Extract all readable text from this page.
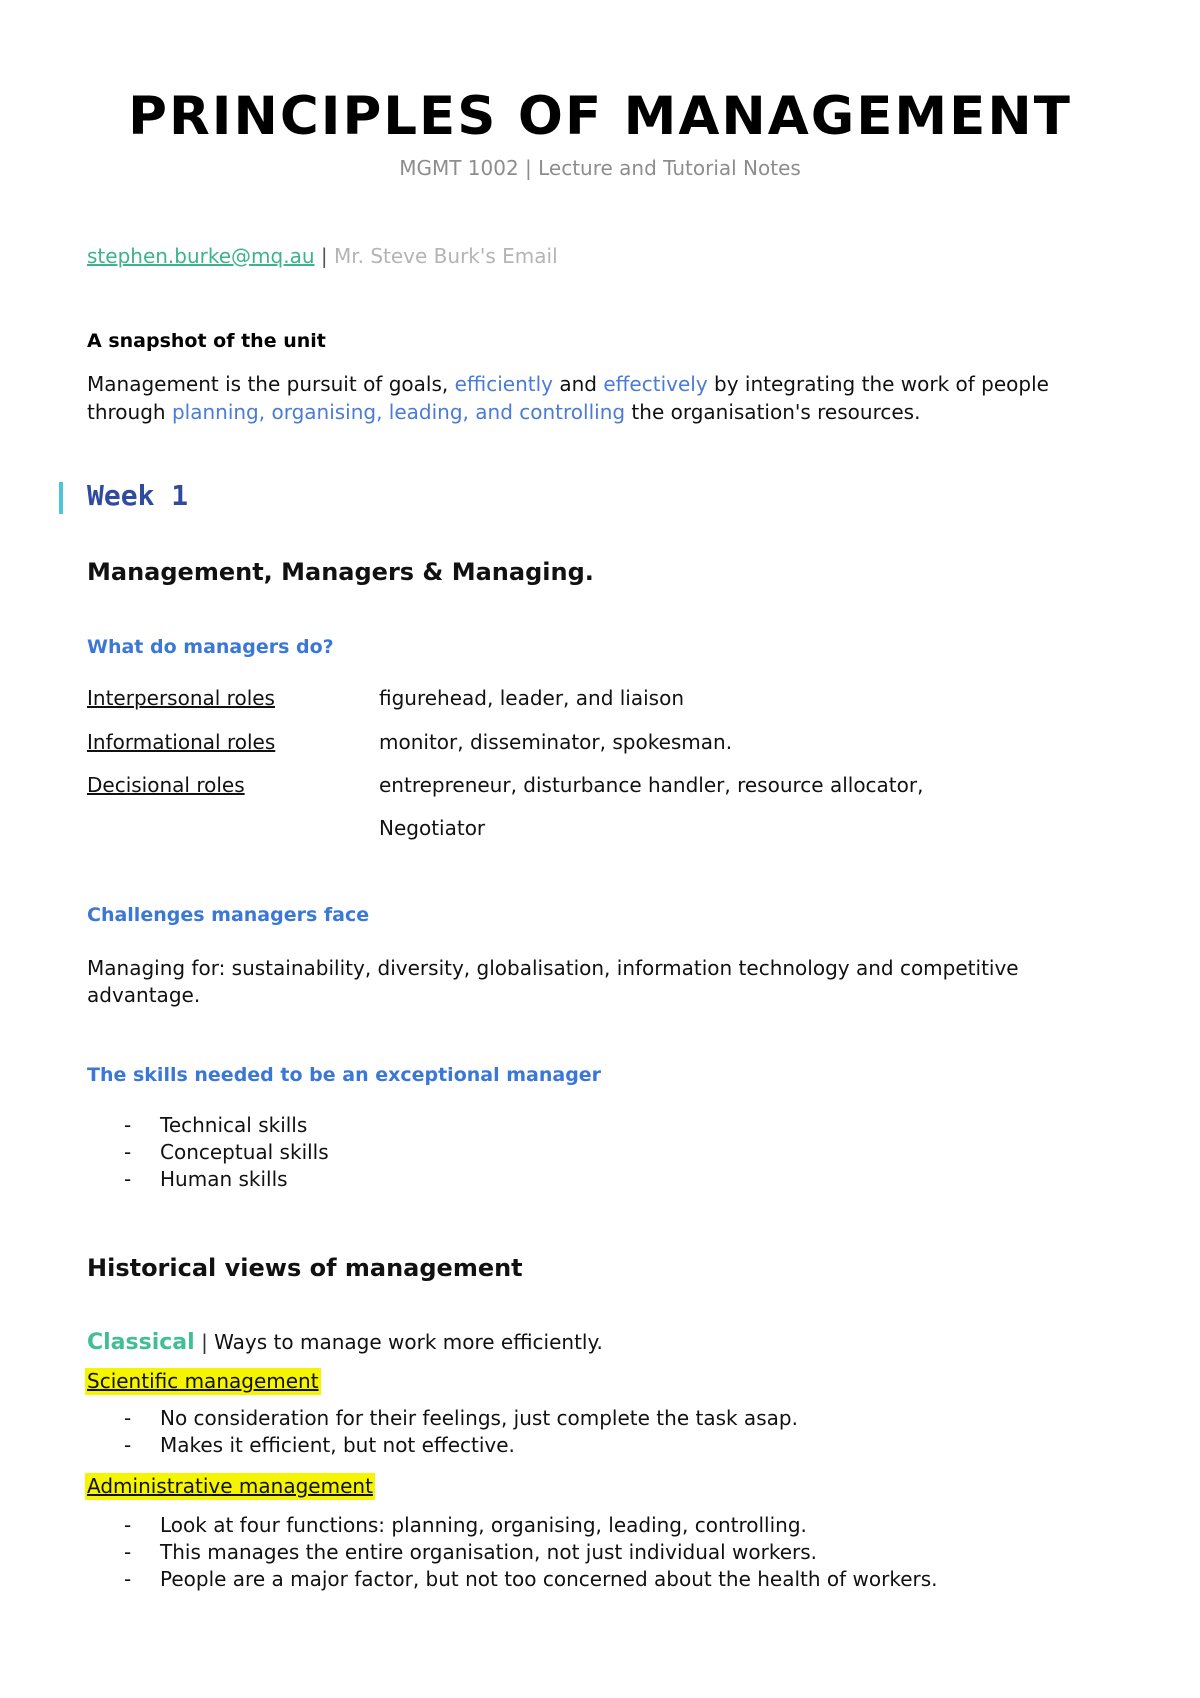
PRINCIPLES OF MANAGEMENT
MGMT 1002 | Lecture and Tutorial Notes
stephen.burke@mq.au | Mr. Steve Burk's Email
A snapshot of the unit
Management is the pursuit of goals, efficiently and effectively by integrating the work of people
through planning, organising, leading, and controlling the organisation's resources.
Week 1
Management, Managers & Managing.
What do managers do?
Interpersonal roles	figurehead, leader, and liaison
Informational roles	monitor, disseminator, spokesman.
Decisional roles	entrepreneur, disturbance handler, resource allocator,
Negotiator
Challenges managers face
Managing for: sustainability, diversity, globalisation, information technology and competitive
advantage.
The skills needed to be an exceptional manager
- Technical skills
- Conceptual skills
- Human skills
Historical views of management
Classical | Ways to manage work more efficiently.
Scientific management
- No consideration for their feelings, just complete the task asap.
- Makes it efficient, but not effective.
Administrative management
- Look at four functions: planning, organising, leading, controlling.
- This manages the entire organisation, not just individual workers.
- People are a major factor, but not too concerned about the health of workers.
